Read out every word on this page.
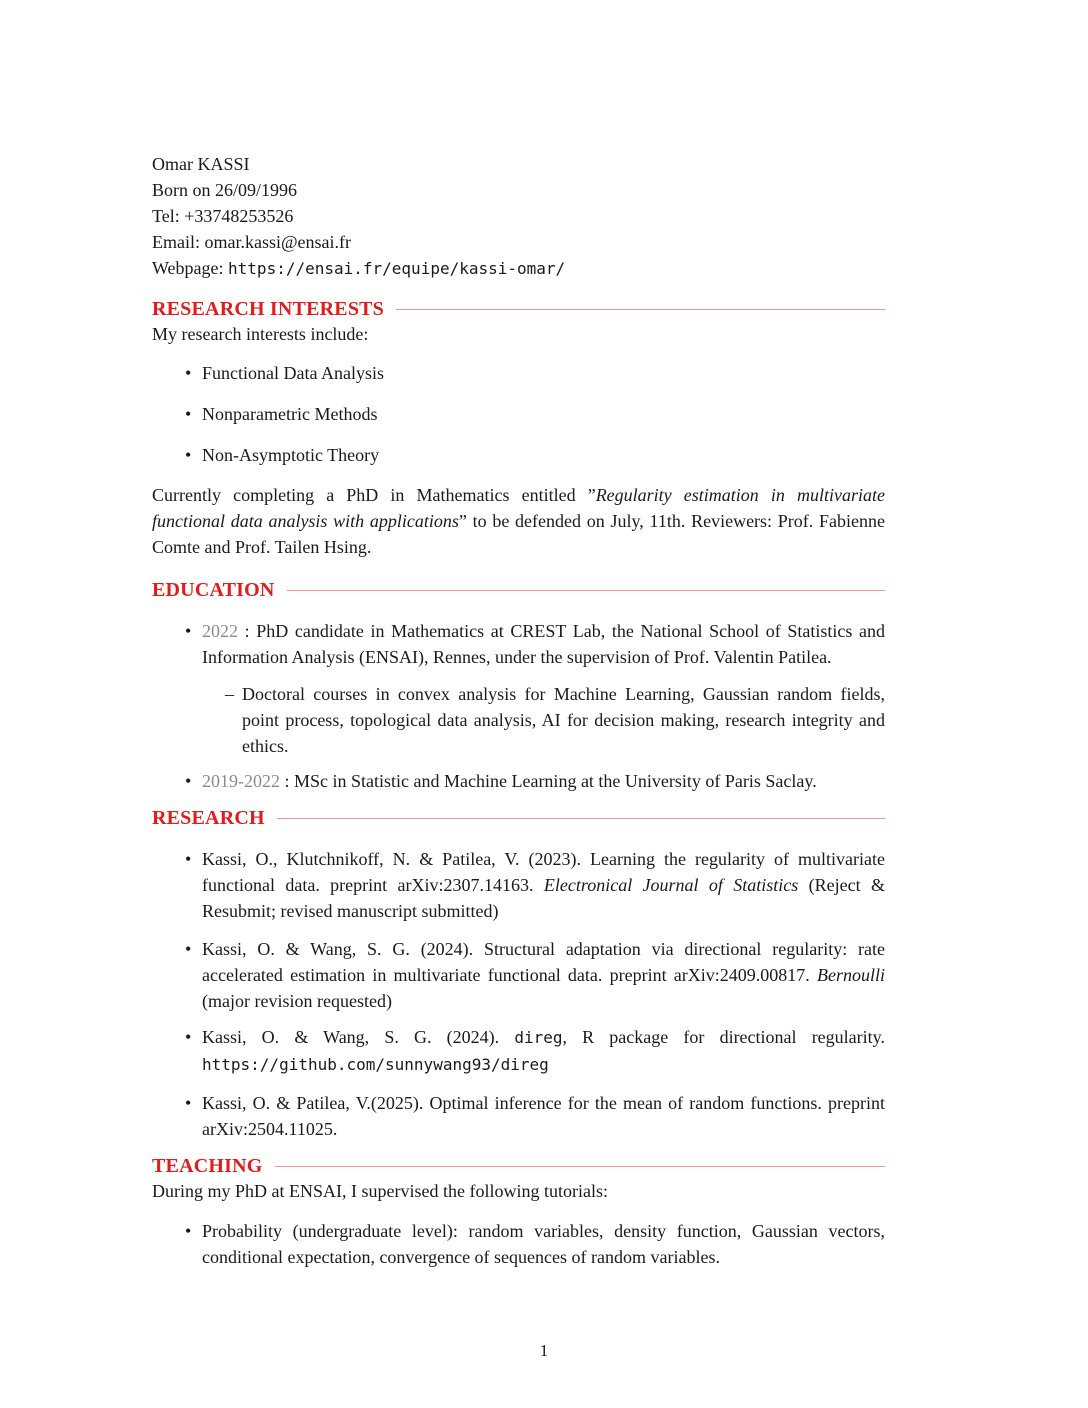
Omar KASSI
Born on 26/09/1996
Tel: +33748253526
Email: omar.kassi@ensai.fr
Webpage: https://ensai.fr/equipe/kassi-omar/
RESEARCH INTERESTS

My research interests include:

• Functional Data Analysis
• Nonparametric Methods
• Non-Asymptotic Theory

Currently completing a PhD in Mathematics entitled ”Regularity estimation in multivariate functional data analysis with applications” to be defended on July, 11th. Reviewers: Prof. Fabienne Comte and Prof. Tailen Hsing.

EDUCATION
• 2022 : PhD candidate in Mathematics at CREST Lab, the National School of Statistics and Information Analysis (ENSAI), Rennes, under the supervision of Prof. Valentin Patilea.
– Doctoral courses in convex analysis for Machine Learning, Gaussian random fields, point process, topological data analysis, AI for decision making, research integrity and ethics.
• 2019-2022 : MSc in Statistic and Machine Learning at the University of Paris Saclay.
RESEARCH
• Kassi, O., Klutchnikoff, N. & Patilea, V. (2023). Learning the regularity of multivariate functional data. preprint arXiv:2307.14163. Electronical Journal of Statistics (Reject & Resubmit; revised manuscript submitted)
• Kassi, O. & Wang, S. G. (2024). Structural adaptation via directional regularity: rate accelerated estimation in multivariate functional data. preprint arXiv:2409.00817. Bernoulli (major revision requested)
• Kassi, O. & Wang, S. G. (2024). direg, R package for directional regularity. https://github.com/sunnywang93/direg
• Kassi, O. & Patilea, V.(2025). Optimal inference for the mean of random functions. preprint arXiv:2504.11025.
TEACHING

During my PhD at ENSAI, I supervised the following tutorials:

• Probability (undergraduate level): random variables, density function, Gaussian vectors, conditional expectation, convergence of sequences of random variables.
1
